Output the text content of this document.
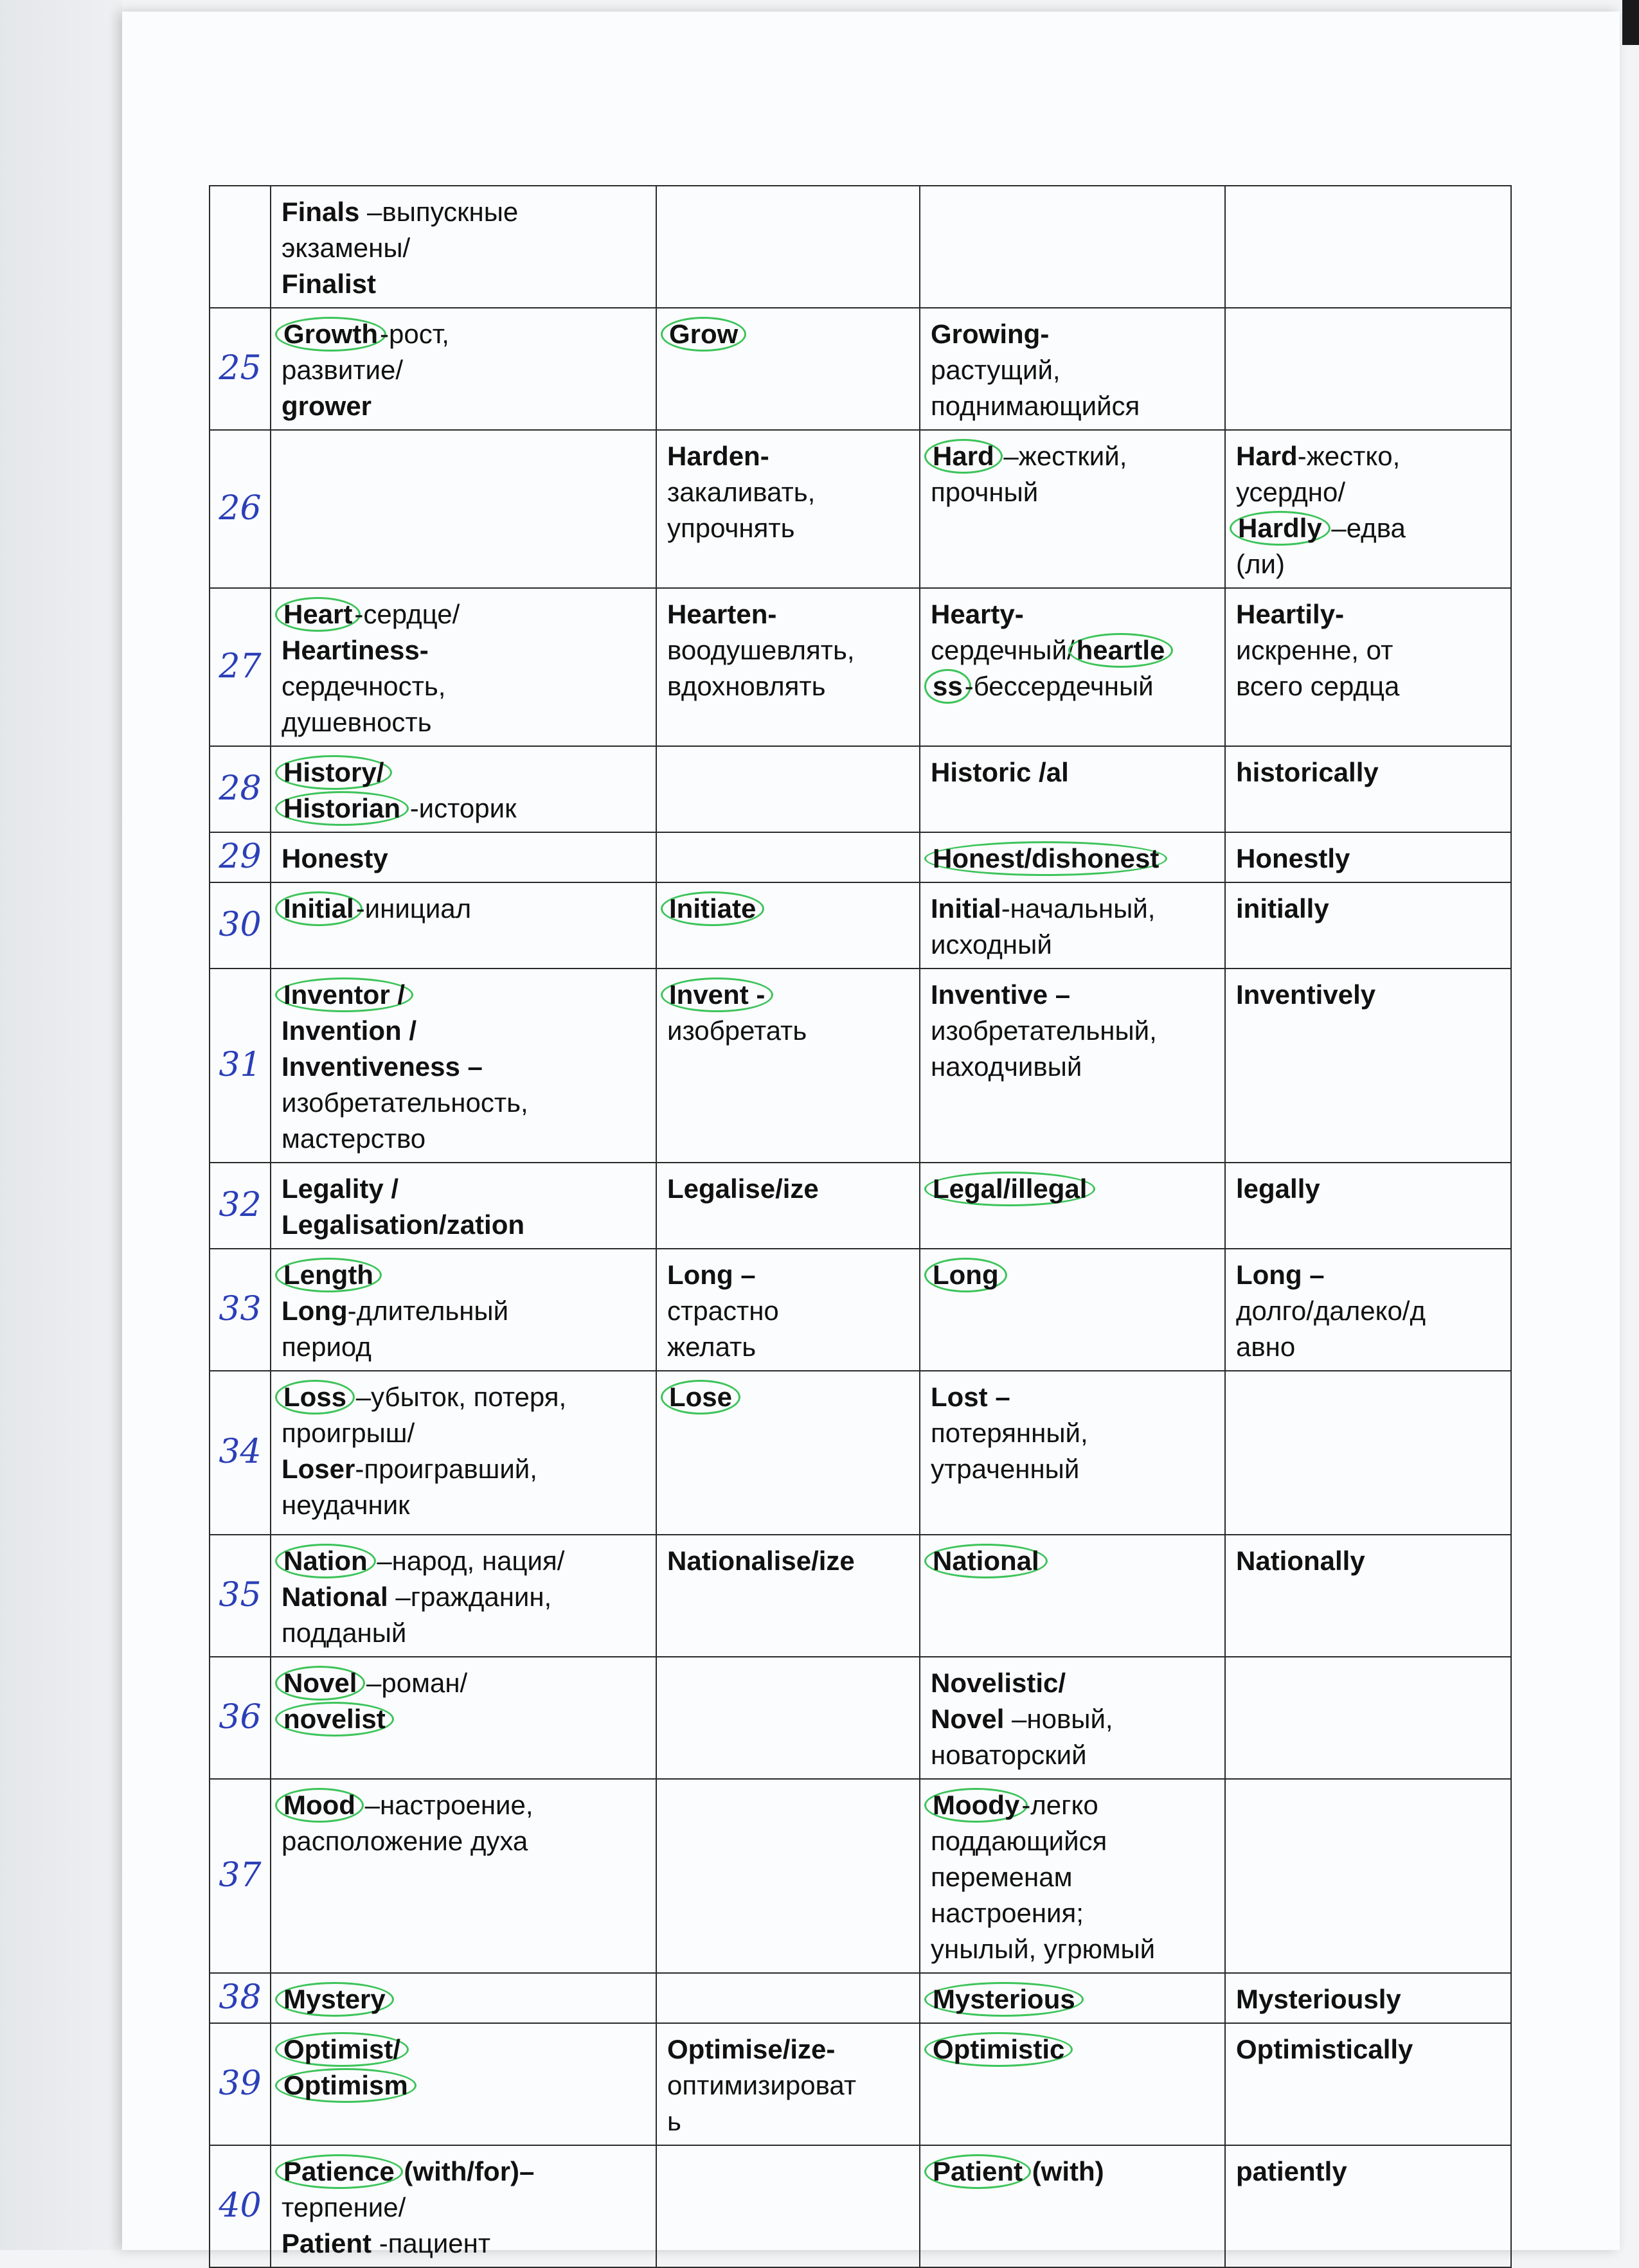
	Finals –выпускные
экзамены/
Finalist			

25	Growth-рост,
развитие/
grower	Grow	Growing-
растущий,
поднимающийся	

26		Harden-
закаливать,
упрочнять	Hard –жесткий,
прочный	Hard-жестко,
усердно/
Hardly –едва
(ли)

27	Heart-сердце/
Heartiness-
сердечность,
душевность	Hearten-
воодушевлять,
вдохновлять	Hearty-
сердечный/heartle
ss-бессердечный	Heartily-
искренне, от
всего сердца

28	History/
Historian -историк		Historic /al	historically

29	Honesty		Honest/dishonest	Honestly

30	Initial-инициал	Initiate	Initial-начальный,
исходный	initially

31	Inventor /
Invention /
Inventiveness –
изобретательность,
мастерство	Invent -
изобретать	Inventive –
изобретательный,
находчивый	Inventively

32	Legality /
Legalisation/zation	Legalise/ize	Legal/illegal	legally

33	Length
Long-длительный
период	Long –
страстно
желать	Long	Long –
долго/далеко/д
авно

34	Loss –убыток, потеря,
проигрыш/
Loser-проигравший,
неудачник	Lose	Lost –
потерянный,
утраченный	

35	Nation –народ, нация/
National –гражданин,
подданый	Nationalise/ize	National	Nationally

36	Novel –роман/
novelist		Novelistic/
Novel –новый,
новаторский	

37	Mood –настроение,
расположение духа		Moody-легко
поддающийся
переменам
настроения;
унылый, угрюмый	

38	Mystery		Mysterious	Mysteriously

39	Optimist/
Optimism	Optimise/ize-
оптимизироват
ь	Optimistic	Optimistically

40	Patience (with/for)–
терпение/
Patient -пациент		Patient (with)	patiently
